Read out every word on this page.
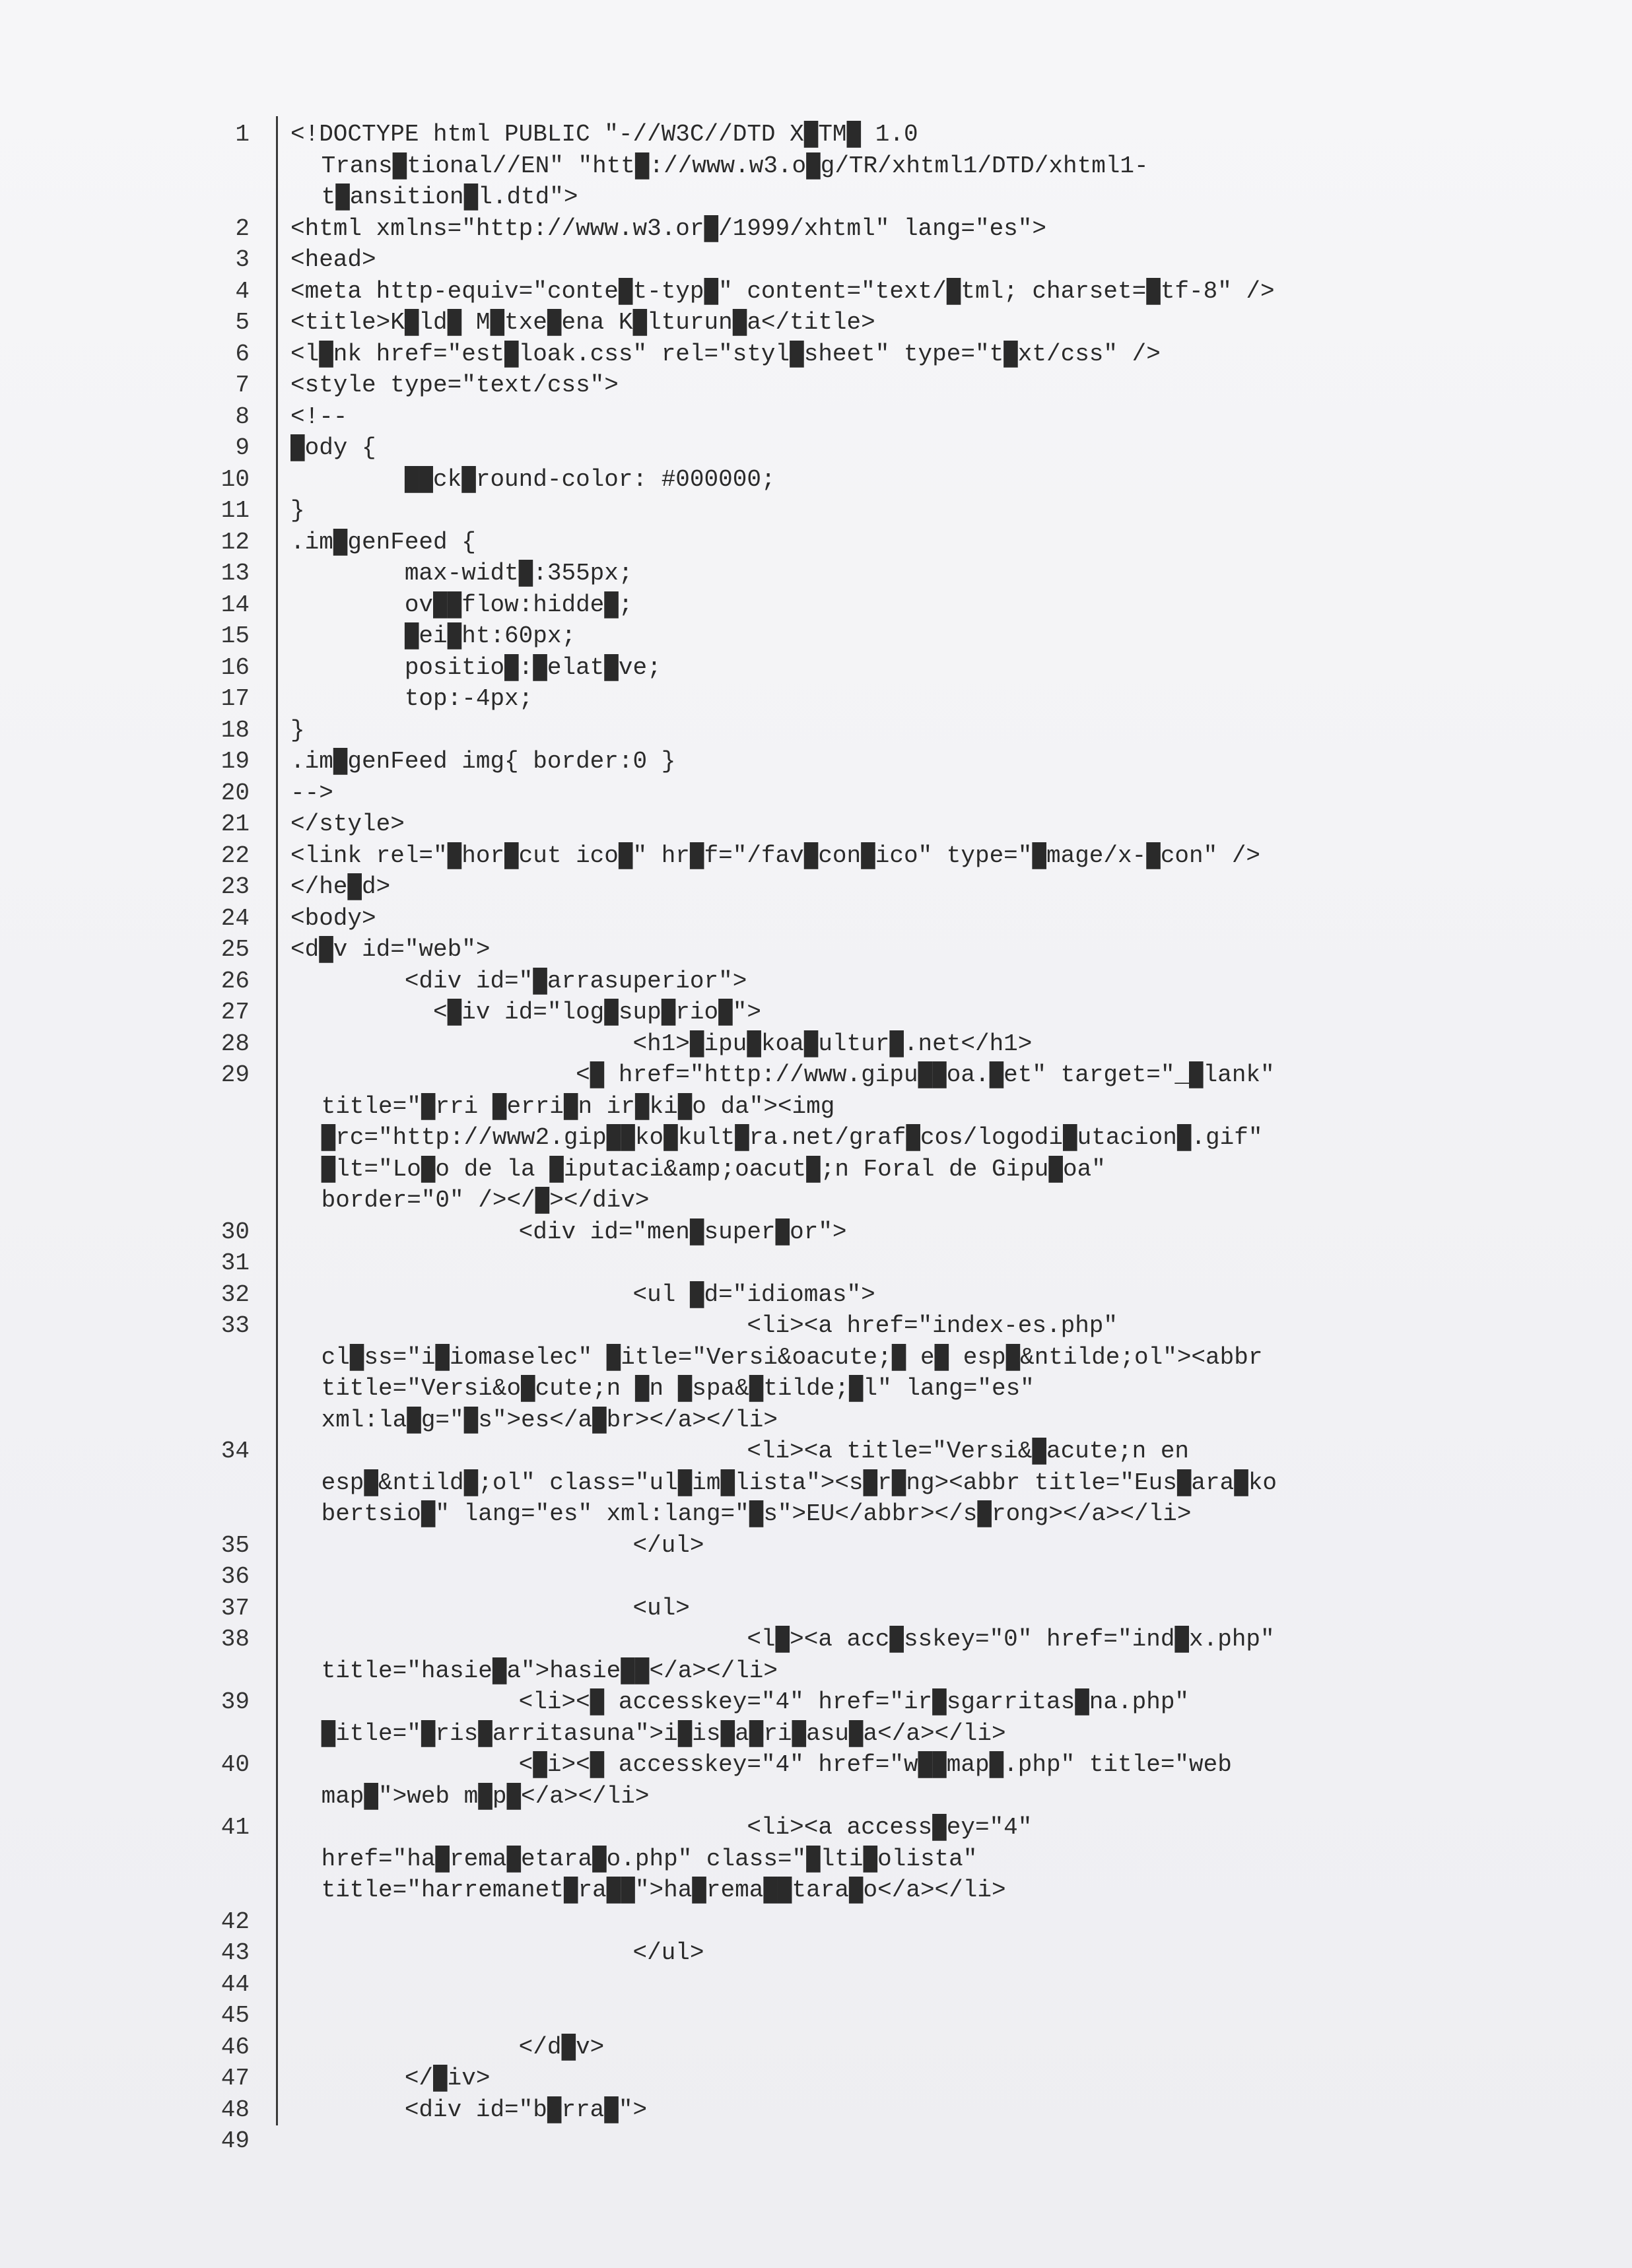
1 <!DOCTYPE html PUBLIC "-//W3C//DTD X█TM█ 1.0
Trans█tional//EN" "htt█://www.w3.o█g/TR/xhtml1/DTD/xhtml1-
t█ansition█l.dtd">
2 <html xmlns="http://www.w3.or█/1999/xhtml" lang="es">
3 <head>
4 <meta http-equiv="conte█t-typ█" content="text/█tml; charset=█tf-8" />
5 <title>K█ld█ M█txe█ena K█lturun█a</title>
6 <l█nk href="est█loak.css" rel="styl█sheet" type="t█xt/css" />
7 <style type="text/css">
8 <!--
9 █ody {
10 ██ck█round-color: #000000;
11 }
12 .im█genFeed {
13 max-widt█:355px;
14 ov██flow:hidde█;
15 █ei█ht:60px;
16 positio█:█elat█ve;
17 top:-4px;
18 }
19 .im█genFeed img{ border:0 }
20 -->
21 </style>
22 <link rel="█hor█cut ico█" hr█f="/fav█con█ico" type="█mage/x-█con" />
23 </he█d>
24 <body>
25 <d█v id="web">
26 <div id="█arrasuperior">
27 <█iv id="log█sup█rio█">
28 <h1>█ipu█koa█ultur█.net</h1>
29 <█ href="http://www.gipu██oa.█et" target="_█lank"
title="█rri █erri█n ir█ki█o da"><img
█rc="http://www2.gip██ko█kult█ra.net/graf█cos/logodi█utacion█.gif"
█lt="Lo█o de la █iputaci&amp;oacut█;n Foral de Gipu█oa"
border="0" /></█></div>
30 <div id="men█super█or">
31
32 <ul █d="idiomas">
33 <li><a href="index-es.php"
cl█ss="i█iomaselec" █itle="Versi&oacute;█ e█ esp█&ntilde;ol"><abbr
title="Versi&o█cute;n █n █spa&█tilde;█l" lang="es"
xml:la█g="█s">es</a█br></a></li>
34 <li><a title="Versi&█acute;n en
esp█&ntild█;ol" class="ul█im█lista"><s█r█ng><abbr title="Eus█ara█ko
bertsio█" lang="es" xml:lang="█s">EU</abbr></s█rong></a></li>
35 </ul>
36
37 <ul>
38 <l█><a acc█sskey="0" href="ind█x.php"
title="hasie█a">hasie██</a></li>
39 <li><█ accesskey="4" href="ir█sgarritas█na.php"
█itle="█ris█arritasuna">i█is█a█ri█asu█a</a></li>
40 <█i><█ accesskey="4" href="w██map█.php" title="web
map█">web m█p█</a></li>
41 <li><a access█ey="4"
href="ha█rema█etara█o.php" class="█lti█olista"
title="harremanet█ra██">ha█rema██tara█o</a></li>
42
43 </ul>
44
45
46 </d█v>
47 </█iv>
48 <div id="b█rra█">
49
